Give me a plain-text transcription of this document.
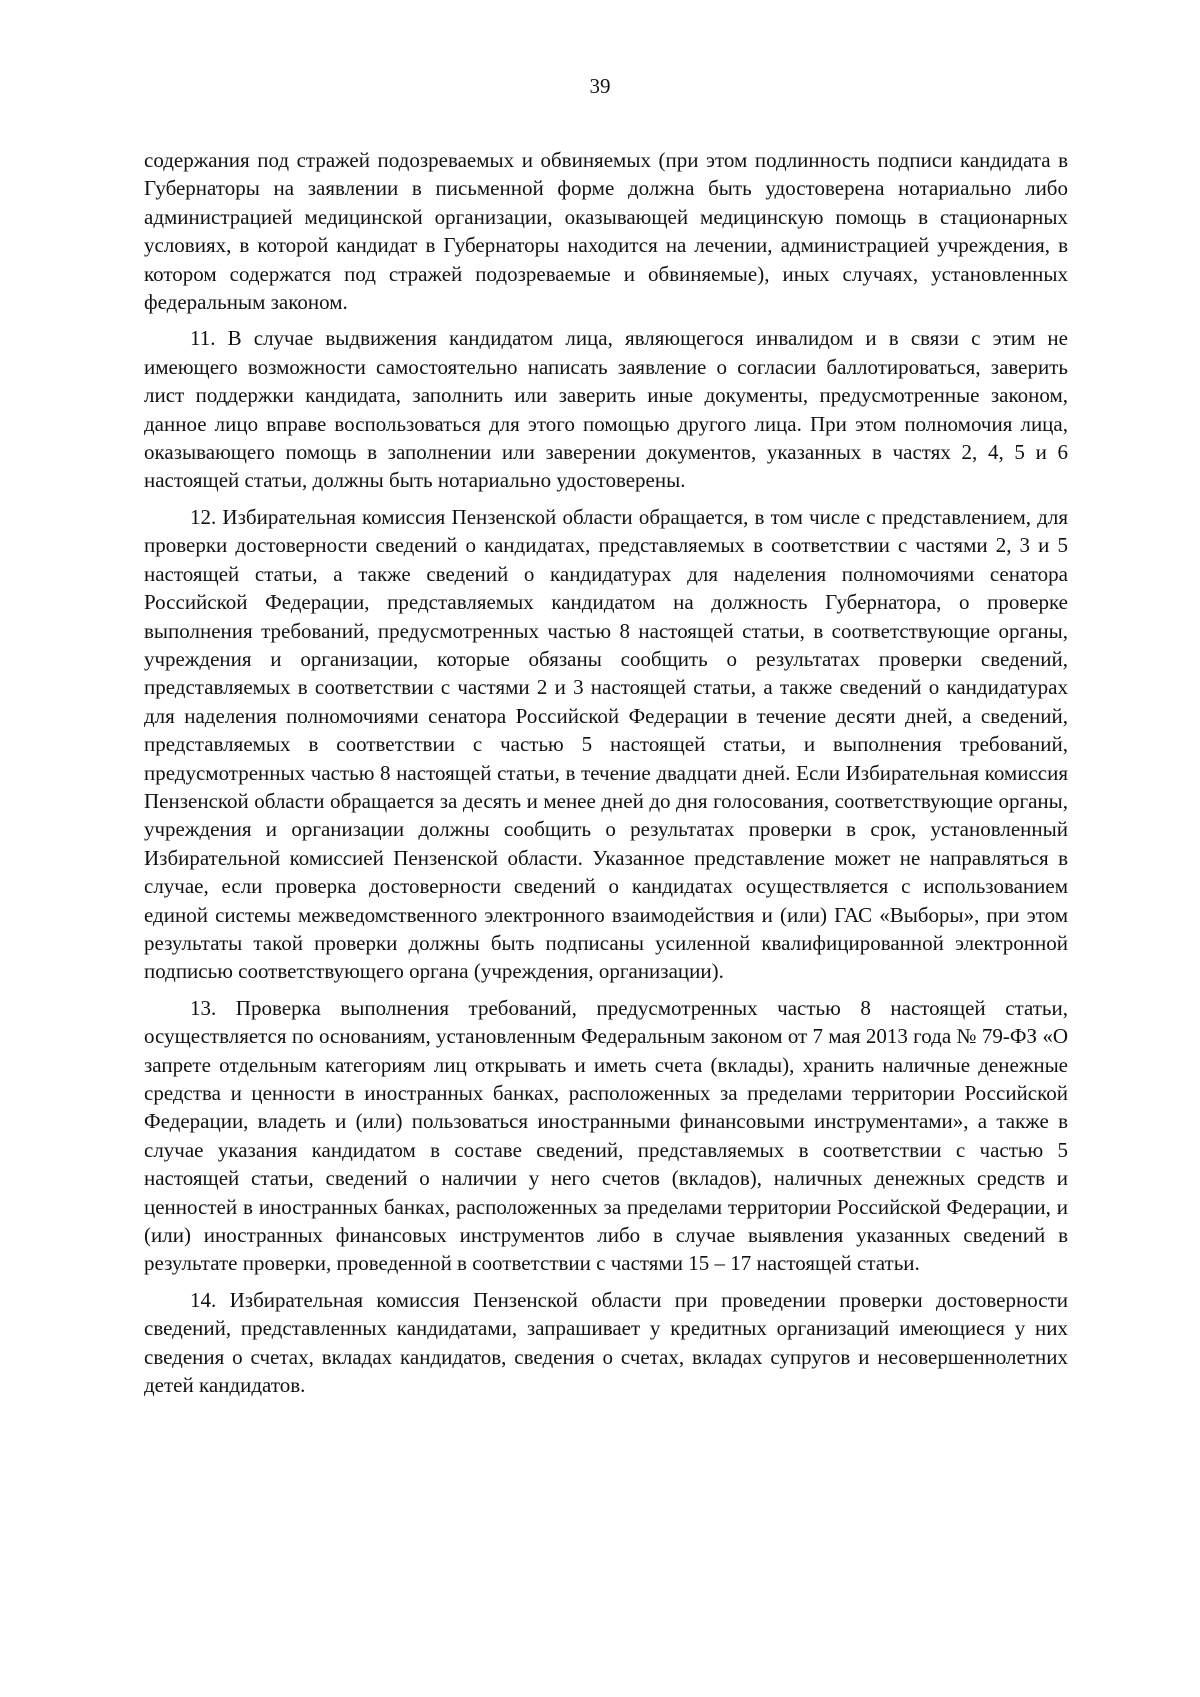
39

содержания под стражей подозреваемых и обвиняемых (при этом подлинность подписи кандидата в Губернаторы на заявлении в письменной форме должна быть удостоверена нотариально либо администрацией медицинской организации, оказывающей медицинскую помощь в стационарных условиях, в которой кандидат в Губернаторы находится на лечении, администрацией учреждения, в котором содержатся под стражей подозреваемые и обвиняемые), иных случаях, установленных федеральным законом.

11. В случае выдвижения кандидатом лица, являющегося инвалидом и в связи с этим не имеющего возможности самостоятельно написать заявление о согласии баллотироваться, заверить лист поддержки кандидата, заполнить или заверить иные документы, предусмотренные законом, данное лицо вправе воспользоваться для этого помощью другого лица. При этом полномочия лица, оказывающего помощь в заполнении или заверении документов, указанных в частях 2, 4, 5 и 6 настоящей статьи, должны быть нотариально удостоверены.

12. Избирательная комиссия Пензенской области обращается, в том числе с представлением, для проверки достоверности сведений о кандидатах, представляемых в соответствии с частями 2, 3 и 5 настоящей статьи, а также сведений о кандидатурах для наделения полномочиями сенатора Российской Федерации, представляемых кандидатом на должность Губернатора, о проверке выполнения требований, предусмотренных частью 8 настоящей статьи, в соответствующие органы, учреждения и организации, которые обязаны сообщить о результатах проверки сведений, представляемых в соответствии с частями 2 и 3 настоящей статьи, а также сведений о кандидатурах для наделения полномочиями сенатора Российской Федерации в течение десяти дней, а сведений, представляемых в соответствии с частью 5 настоящей статьи, и выполнения требований, предусмотренных частью 8 настоящей статьи, в течение двадцати дней. Если Избирательная комиссия Пензенской области обращается за десять и менее дней до дня голосования, соответствующие органы, учреждения и организации должны сообщить о результатах проверки в срок, установленный Избирательной комиссией Пензенской области. Указанное представление может не направляться в случае, если проверка достоверности сведений о кандидатах осуществляется с использованием единой системы межведомственного электронного взаимодействия и (или) ГАС «Выборы», при этом результаты такой проверки должны быть подписаны усиленной квалифицированной электронной подписью соответствующего органа (учреждения, организации).

13. Проверка выполнения требований, предусмотренных частью 8 настоящей статьи, осуществляется по основаниям, установленным Федеральным законом от 7 мая 2013 года № 79-ФЗ «О запрете отдельным категориям лиц открывать и иметь счета (вклады), хранить наличные денежные средства и ценности в иностранных банках, расположенных за пределами территории Российской Федерации, владеть и (или) пользоваться иностранными финансовыми инструментами», а также в случае указания кандидатом в составе сведений, представляемых в соответствии с частью 5 настоящей статьи, сведений о наличии у него счетов (вкладов), наличных денежных средств и ценностей в иностранных банках, расположенных за пределами территории Российской Федерации, и (или) иностранных финансовых инструментов либо в случае выявления указанных сведений в результате проверки, проведенной в соответствии с частями 15 – 17 настоящей статьи.

14. Избирательная комиссия Пензенской области при проведении проверки достоверности сведений, представленных кандидатами, запрашивает у кредитных организаций имеющиеся у них сведения о счетах, вкладах кандидатов, сведения о счетах, вкладах супругов и несовершеннолетних детей кандидатов.
